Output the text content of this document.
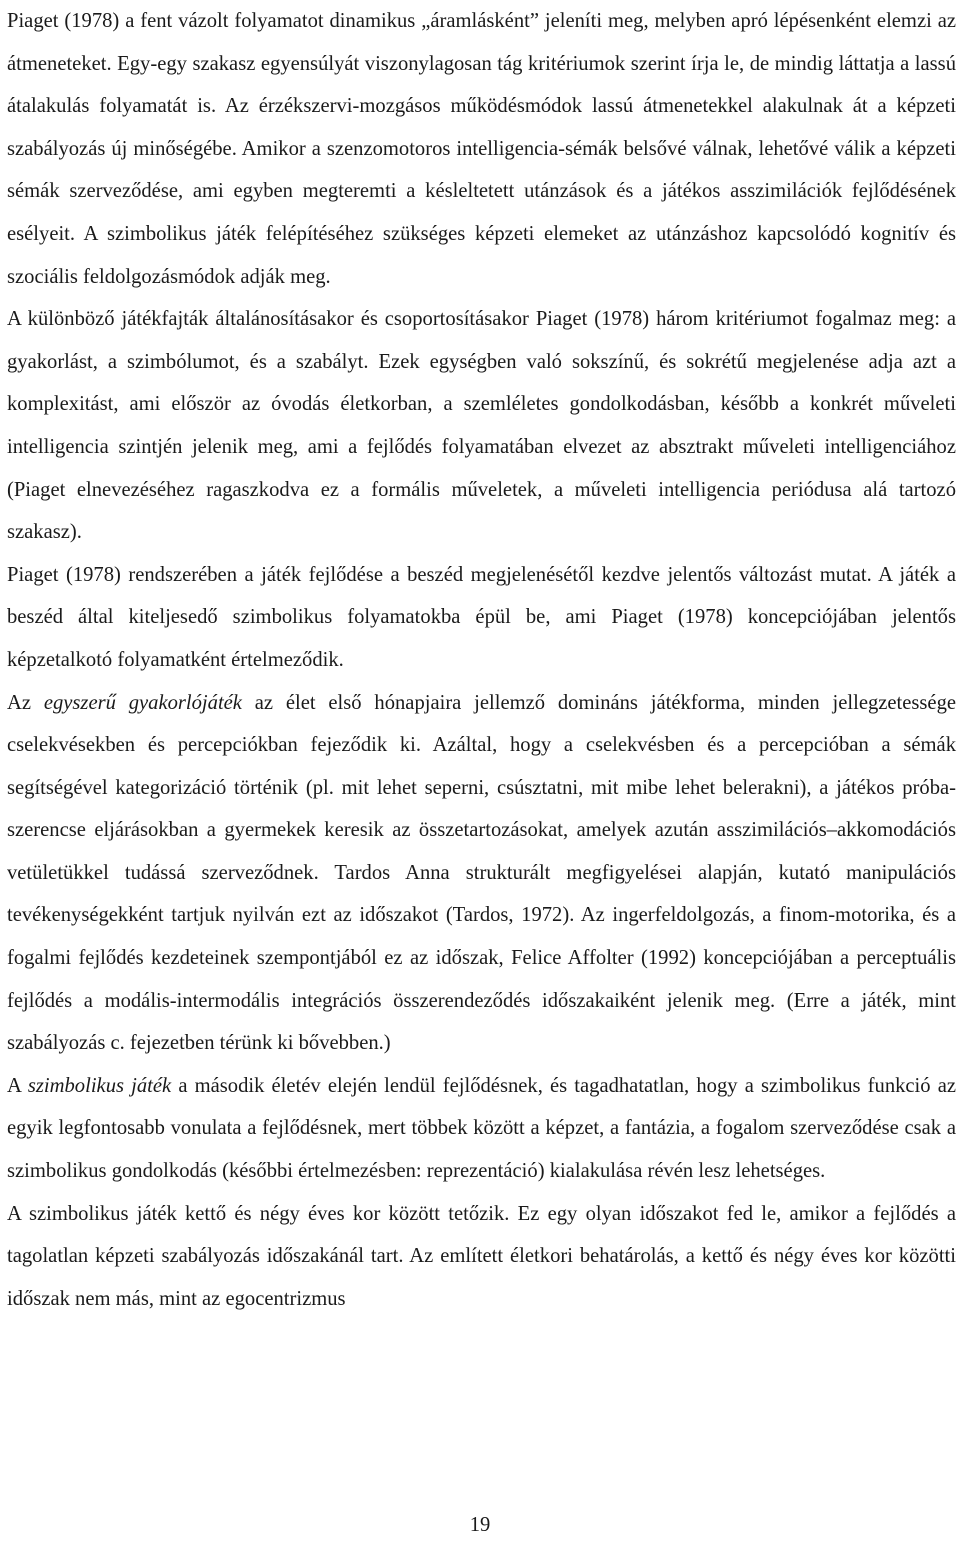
Piaget (1978) a fent vázolt folyamatot dinamikus „áramlásként” jeleníti meg, melyben apró lépésenként elemzi az átmeneteket. Egy-egy szakasz egyensúlyát viszonylagosan tág kritériumok szerint írja le, de mindig láttatja a lassú átalakulás folyamatát is. Az érzékszervi-mozgásos működésmódok lassú átmenetekkel alakulnak át a képzeti szabályozás új minőségébe. Amikor a szenzomotoros intelligencia-sémák belsővé válnak, lehetővé válik a képzeti sémák szerveződése, ami egyben megteremti a késleltetett utánzások és a játékos asszimilációk fejlődésének esélyeit. A szimbolikus játék felépítéséhez szükséges képzeti elemeket az utánzáshoz kapcsolódó kognitív és szociális feldolgozásmódok adják meg.

A különböző játékfajták általánosításakor és csoportosításakor Piaget (1978) három kritériumot fogalmaz meg: a gyakorlást, a szimbólumot, és a szabályt. Ezek egységben való sokszínű, és sokrétű megjelenése adja azt a komplexitást, ami először az óvodás életkorban, a szemléletes gondolkodásban, később a konkrét műveleti intelligencia szintjén jelenik meg, ami a fejlődés folyamatában elvezet az absztrakt műveleti intelligenciához (Piaget elnevezéséhez ragaszkodva ez a formális műveletek, a műveleti intelligencia periódusa alá tartozó szakasz).

Piaget (1978) rendszerében a játék fejlődése a beszéd megjelenésétől kezdve jelentős változást mutat. A játék a beszéd által kiteljesedő szimbolikus folyamatokba épül be, ami Piaget (1978) koncepciójában jelentős képzetalkotó folyamatként értelmeződik.

Az egyszerű gyakorlójáték az élet első hónapjaira jellemző domináns játékforma, minden jellegzetessége cselekvésekben és percepciókban fejeződik ki. Azáltal, hogy a cselekvésben és a percepcióban a sémák segítségével kategorizáció történik (pl. mit lehet seperni, csúsztatni, mit mibe lehet belerakni), a játékos próba-szerencse eljárásokban a gyermekek keresik az összetartozásokat, amelyek azután asszimilációs–akkomodációs vetületükkel tudássá szerveződnek. Tardos Anna strukturált megfigyelései alapján, kutató manipulációs tevékenységekként tartjuk nyilván ezt az időszakot (Tardos, 1972). Az ingerfeldolgozás, a finom-motorika, és a fogalmi fejlődés kezdeteinek szempontjából ez az időszak, Felice Affolter (1992) koncepciójában a perceptuális fejlődés a modális-intermodális integrációs összerendeződés időszakaiként jelenik meg. (Erre a játék, mint szabályozás c. fejezetben térünk ki bővebben.)

A szimbolikus játék a második életév elején lendül fejlődésnek, és tagadhatatlan, hogy a szimbolikus funkció az egyik legfontosabb vonulata a fejlődésnek, mert többek között a képzet, a fantázia, a fogalom szerveződése csak a szimbolikus gondolkodás (későbbi értelmezésben: reprezentáció) kialakulása révén lesz lehetséges.

A szimbolikus játék kettő és négy éves kor között tetőzik. Ez egy olyan időszakot fed le, amikor a fejlődés a tagolatlan képzeti szabályozás időszakánál tart. Az említett életkori behatárolás, a kettő és négy éves kor közötti időszak nem más, mint az egocentrizmus

19
